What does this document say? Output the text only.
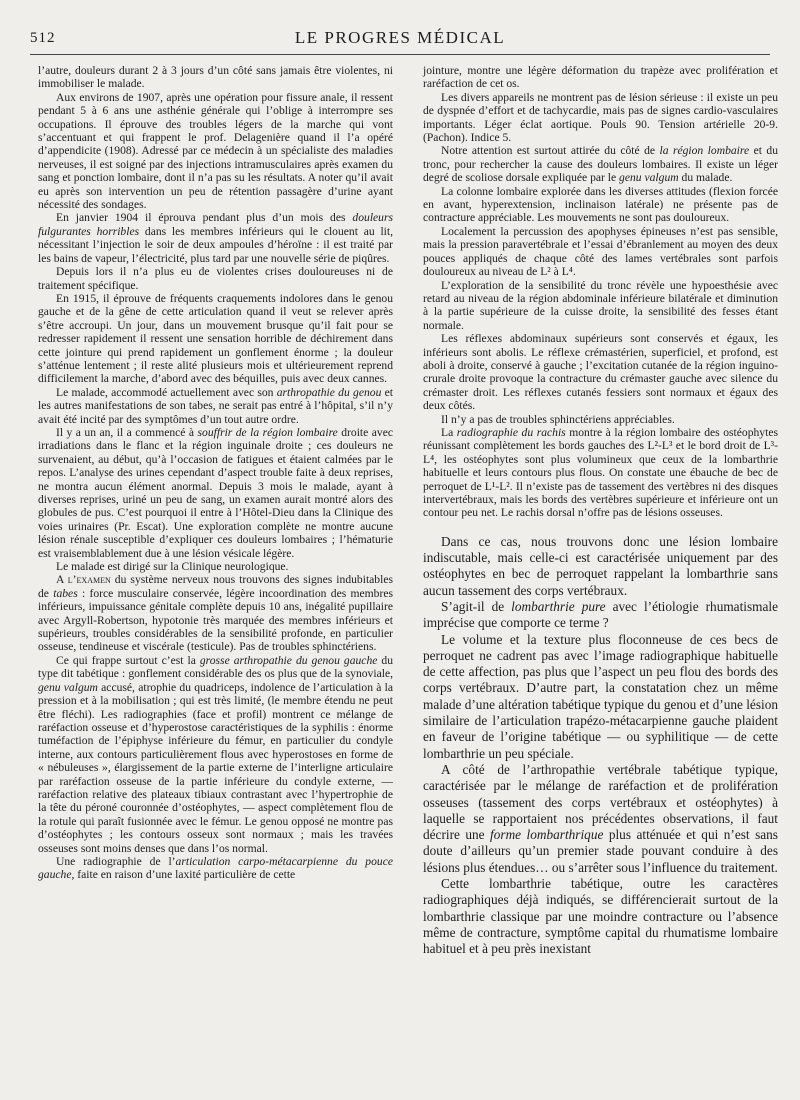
512	LE PROGRES MÉDICAL

l’autre, douleurs durant 2 à 3 jours d’un côté sans jamais être violentes, ni immobiliser le malade.

Aux environs de 1907, après une opération pour fissure anale, il ressent pendant 5 à 6 ans une asthénie générale qui l’oblige à interrompre ses occupations. Il éprouve des troubles légers de la marche qui vont s’accentuant et qui frappent le prof. Delagenière quand il l’a opéré d’appendicite (1908). Adressé par ce médecin à un spécialiste des maladies nerveuses, il est soigné par des injections intramusculaires après examen du sang et ponction lombaire, dont il n’a pas su les résultats. A noter qu’il avait eu après son intervention un peu de rétention passagère d’urine ayant nécessité des sondages.

En janvier 1904 il éprouva pendant plus d’un mois des douleurs fulgurantes horribles dans les membres inférieurs qui le clouent au lit, nécessitant l’injection le soir de deux ampoules d’héroïne : il est traité par les bains de vapeur, l’électricité, plus tard par une nouvelle série de piqûres.

Depuis lors il n’a plus eu de violentes crises douloureuses ni de traitement spécifique.

En 1915, il éprouve de fréquents craquements indolores dans le genou gauche et de la gêne de cette articulation quand il veut se relever après s’être accroupi. Un jour, dans un mouvement brusque qu’il fait pour se redresser rapidement il ressent une sensation horrible de déchirement dans cette jointure qui prend rapidement un gonflement énorme ; la douleur s’atténue lentement ; il reste alité plusieurs mois et ultérieurement reprend difficilement la marche, d’abord avec des béquilles, puis avec deux cannes.

Le malade, accommodé actuellement avec son arthropathie du genou et les autres manifestations de son tabes, ne serait pas entré à l’hôpital, s’il n’y avait été incité par des symptômes d’un tout autre ordre.

Il y a un an, il a commencé à souffrir de la région lombaire droite avec irradiations dans le flanc et la région inguinale droite ; ces douleurs ne survenaient, au début, qu’à l’occasion de fatigues et étaient calmées par le repos. L’analyse des urines cependant d’aspect trouble faite à deux reprises, ne montra aucun élément anormal. Depuis 3 mois le malade, ayant à diverses reprises, uriné un peu de sang, un examen aurait montré alors des globules de pus. C’est pourquoi il entre à l’Hôtel-Dieu dans la Clinique des voies urinaires (Pr. Escat). Une exploration complète ne montre aucune lésion rénale susceptible d’expliquer ces douleurs lombaires ; l’hématurie est vraisemblablement due à une lésion vésicale légère.

Le malade est dirigé sur la Clinique neurologique.

A l’examen du système nerveux nous trouvons des signes indubitables de tabes : force musculaire conservée, légère incoordination des membres inférieurs, impuissance génitale complète depuis 10 ans, inégalité pupillaire avec Argyll-Robertson, hypotonie très marquée des membres inférieurs et supérieurs, troubles considérables de la sensibilité profonde, en particulier osseuse, tendineuse et viscérale (testicule). Pas de troubles sphinctériens.

Ce qui frappe surtout c’est la grosse arthropathie du genou gauche du type dit tabétique : gonflement considérable des os plus que de la synoviale, genu valgum accusé, atrophie du quadriceps, indolence de l’articulation à la pression et à la mobilisation ; qui est très limité, (le membre étendu ne peut être fléchi). Les radiographies (face et profil) montrent ce mélange de raréfaction osseuse et d’hyperostose caractéristiques de la syphilis : énorme tuméfaction de l’épiphyse inférieure du fémur, en particulier du condyle interne, aux contours particulièrement flous avec hyperostoses en forme de « nébuleuses », élargissement de la partie externe de l’interligne articulaire par raréfaction osseuse de la partie inférieure du condyle externe, — raréfaction relative des plateaux tibiaux contrastant avec l’hypertrophie de la tête du péroné couronnée d’ostéophytes, — aspect complètement flou de la rotule qui paraît fusionnée avec le fémur. Le genou opposé ne montre pas d’ostéophytes ; les contours osseux sont normaux ; mais les travées osseuses sont moins denses que dans l’os normal.

Une radiographie de l’articulation carpo-métacarpienne du pouce gauche, faite en raison d’une laxité particulière de cette

jointure, montre une légère déformation du trapèze avec prolifération et raréfaction de cet os.

Les divers appareils ne montrent pas de lésion sérieuse : il existe un peu de dyspnée d’effort et de tachycardie, mais pas de signes cardio-vasculaires importants. Léger éclat aortique. Pouls 90. Tension artérielle 20-9. (Pachon). Indice 5.

Notre attention est surtout attirée du côté de la région lombaire et du tronc, pour rechercher la cause des douleurs lombaires. Il existe un léger degré de scoliose dorsale expliquée par le genu valgum du malade.

La colonne lombaire explorée dans les diverses attitudes (flexion forcée en avant, hyperextension, inclinaison latérale) ne présente pas de contracture appréciable. Les mouvements ne sont pas douloureux.

Localement la percussion des apophyses épineuses n’est pas sensible, mais la pression paravertébrale et l’essai d’ébranlement au moyen des deux pouces appliqués de chaque côté des lames vertébrales sont parfois douloureux au niveau de L² à L⁴.

L’exploration de la sensibilité du tronc révèle une hypoesthésie avec retard au niveau de la région abdominale inférieure bilatérale et diminution à la partie supérieure de la cuisse droite, la sensibilité des fesses étant normale.

Les réflexes abdominaux supérieurs sont conservés et égaux, les inférieurs sont abolis. Le réflexe crémastérien, superficiel, et profond, est aboli à droite, conservé à gauche ; l’excitation cutanée de la région inguino-crurale droite provoque la contracture du crémaster gauche avec silence du crémaster droit. Les réflexes cutanés fessiers sont normaux et égaux des deux côtés.

Il n’y a pas de troubles sphinctériens appréciables.

La radiographie du rachis montre à la région lombaire des ostéophytes réunissant complètement les bords gauches des L²-L³ et le bord droit de L³-L⁴, les ostéophytes sont plus volumineux que ceux de la lombarthrie habituelle et leurs contours plus flous. On constate une ébauche de bec de perroquet de L¹-L². Il n’existe pas de tassement des vertèbres ni des disques intervertébraux, mais les bords des vertèbres supérieure et inférieure ont un contour peu net. Le rachis dorsal n’offre pas de lésions osseuses.

Dans ce cas, nous trouvons donc une lésion lombaire indiscutable, mais celle-ci est caractérisée uniquement par des ostéophytes en bec de perroquet rappelant la lombarthrie sans aucun tassement des corps vertébraux.

S’agit-il de lombarthrie pure avec l’étiologie rhumatismale imprécise que comporte ce terme ?

Le volume et la texture plus floconneuse de ces becs de perroquet ne cadrent pas avec l’image radiographique habituelle de cette affection, pas plus que l’aspect un peu flou des bords des corps vertébraux. D’autre part, la constatation chez un même malade d’une altération tabétique typique du genou et d’une lésion similaire de l’articulation trapézo-métacarpienne gauche plaident en faveur de l’origine tabétique — ou syphilitique — de cette lombarthrie un peu spéciale.

A côté de l’arthropathie vertébrale tabétique typique, caractérisée par le mélange de raréfaction et de prolifération osseuses (tassement des corps vertébraux et ostéophytes) à laquelle se rapportaient nos précédentes observations, il faut décrire une forme lombarthrique plus atténuée et qui n’est sans doute d’ailleurs qu’un premier stade pouvant conduire à des lésions plus étendues… ou s’arrêter sous l’influence du traitement.

Cette lombarthrie tabétique, outre les caractères radiographiques déjà indiqués, se différencierait surtout de la lombarthrie classique par une moindre contracture ou l’absence même de contracture, symptôme capital du rhumatisme lombaire habituel et à peu près inexistant
